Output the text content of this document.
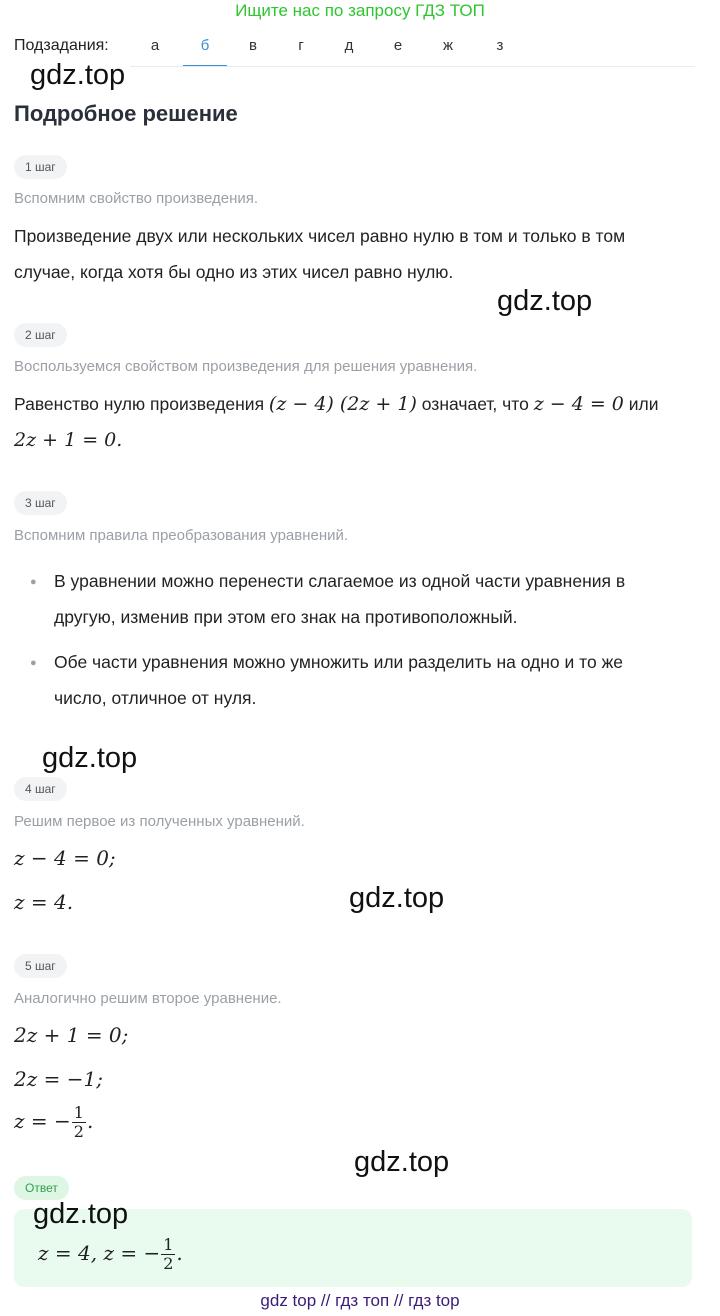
Ищите нас по запросу ГДЗ ТОП
Подзадания:	а	б	в	г	д	е	ж	з
gdz.top
Подробное решение
1 шаг
Вспомним свойство произведения.
Произведение двух или нескольких чисел равно нулю в том и только в том
случае, когда хотя бы одно из этих чисел равно нулю.
gdz.top
2 шаг
Воспользуемся свойством произведения для решения уравнения.
Равенство нулю произведения (z − 4) (2z + 1) означает, что z − 4 = 0 или
2z + 1 = 0.
3 шаг
Вспомним правила преобразования уравнений.
● В уравнении можно перенести слагаемое из одной части уравнения в
другую, изменив при этом его знак на противоположный.
● Обе части уравнения можно умножить или разделить на одно и то же
число, отличное от нуля.
gdz.top
4 шаг
Решим первое из полученных уравнений.
z − 4 = 0;
z = 4.	gdz.top
5 шаг
Аналогично решим второе уравнение.
2z + 1 = 0;
2z = −1;
z = − $\frac{1}{2}$ .
gdz.top
Ответ
gdz.top
z = 4, z = − $\frac{1}{2}$ .
gdz top // гдз топ // гдз top
